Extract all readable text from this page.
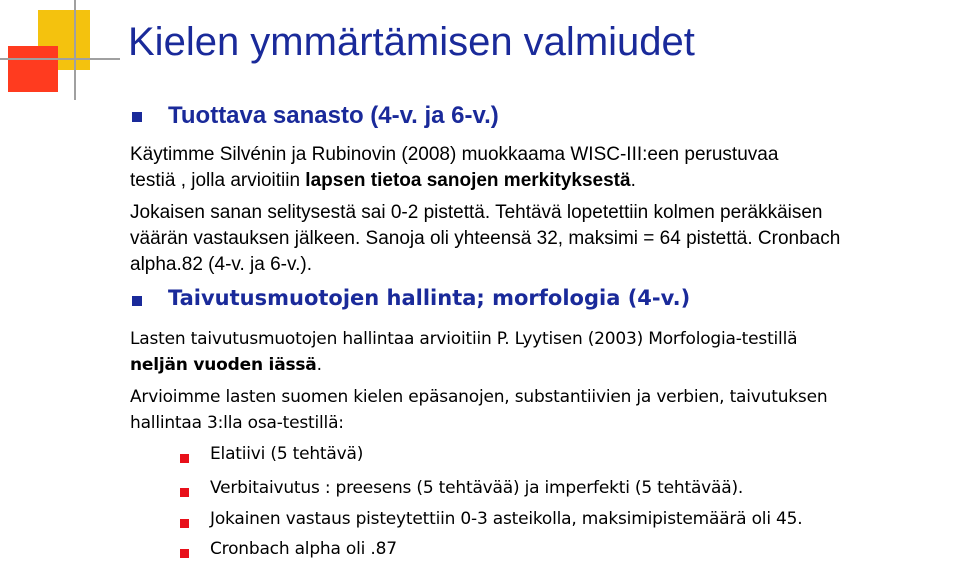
Kielen ymmärtämisen valmiudet
Tuottava sanasto (4-v. ja 6-v.)
Käytimme Silvénin ja Rubinovin (2008) muokkaama WISC-III:een perustuvaa
testiä , jolla arvioitiin lapsen tietoa sanojen merkityksestä.
Jokaisen sanan selitysestä sai 0-2 pistettä. Tehtävä lopetettiin kolmen peräkkäisen
väärän vastauksen jälkeen. Sanoja oli yhteensä 32, maksimi = 64 pistettä. Cronbach
alpha.82 (4-v. ja 6-v.).
Taivutusmuotojen hallinta; morfologia (4-v.)
Lasten taivutusmuotojen hallintaa arvioitiin P. Lyytisen (2003) Morfologia-testillä
neljän vuoden iässä.
Arvioimme lasten suomen kielen epäsanojen, substantiivien ja verbien, taivutuksen
hallintaa 3:lla osa-testillä:
Elatiivi (5 tehtävä)
Verbitaivutus : preesens (5 tehtävää) ja imperfekti (5 tehtävää).
Jokainen vastaus pisteytettiin 0-3 asteikolla, maksimipistemäärä oli 45.
Cronbach alpha oli .87
